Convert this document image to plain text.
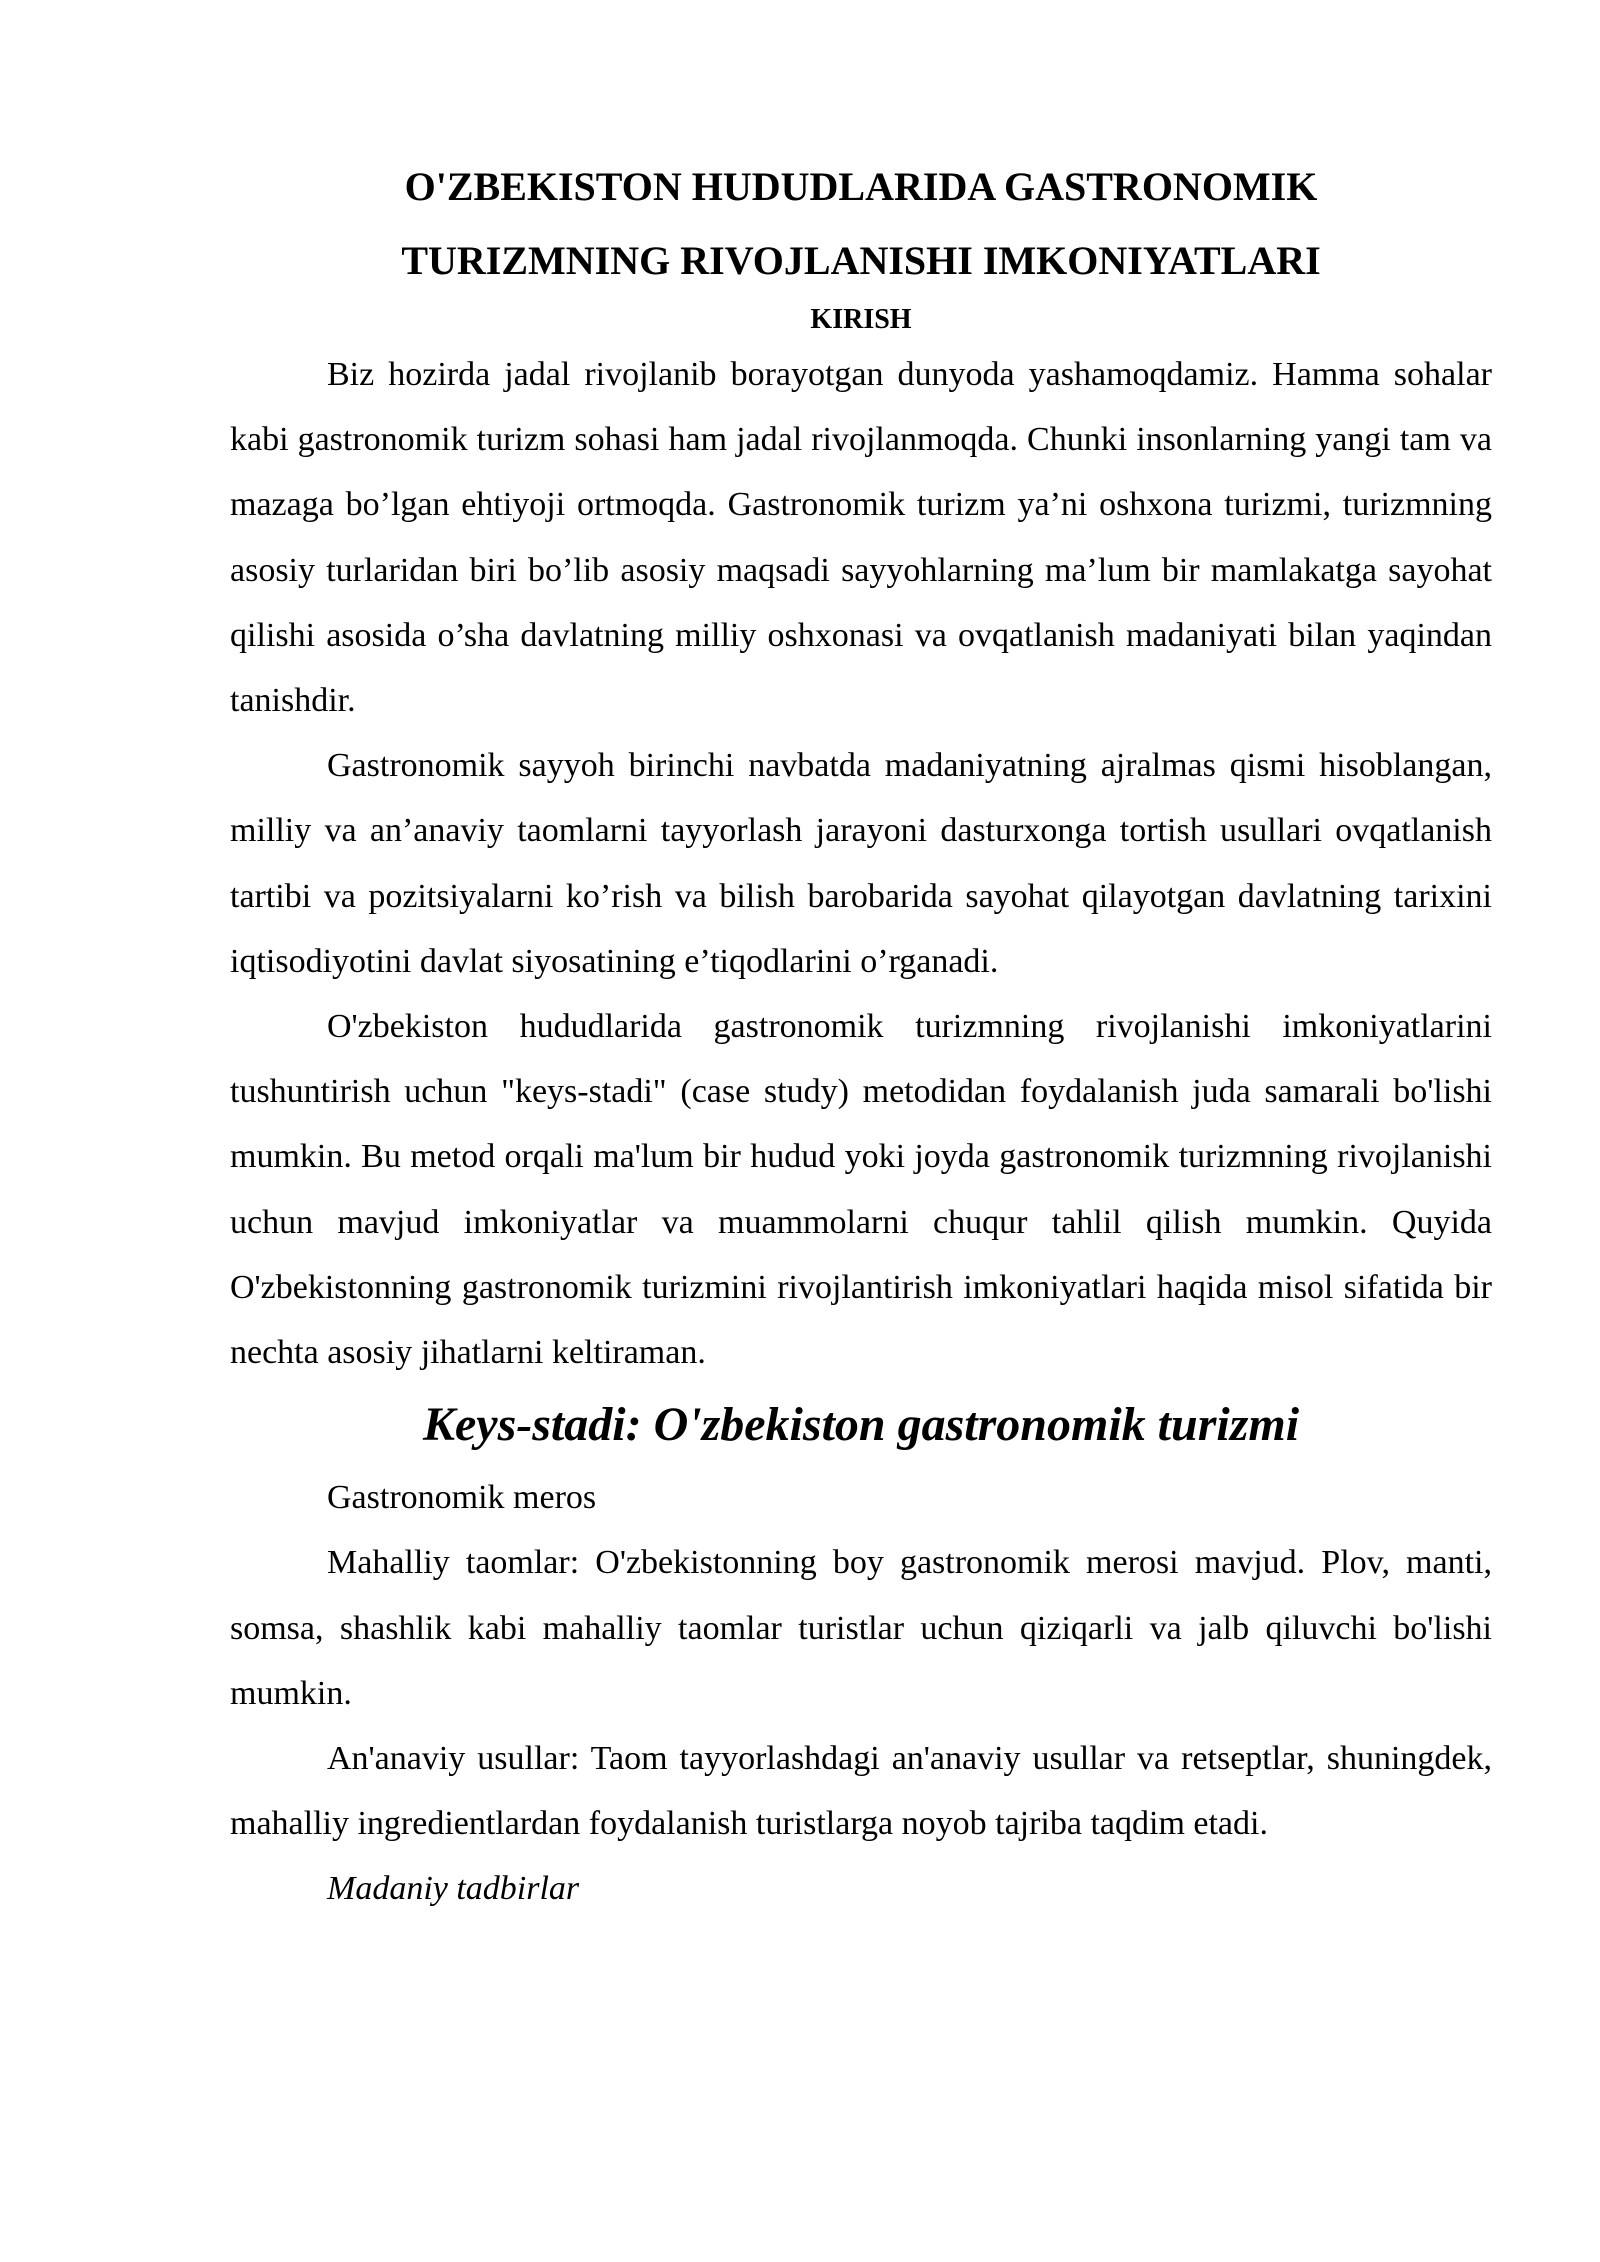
O'ZBEKISTON HUDUDLARIDA GASTRONOMIK
TURIZMNING RIVOJLANISHI IMKONIYATLARI
KIRISH

Biz hozirda jadal rivojlanib borayotgan dunyoda yashamoqdamiz. Hamma sohalar kabi gastronomik turizm sohasi ham jadal rivojlanmoqda. Chunki insonlarning yangi tam va mazaga bo’lgan ehtiyoji ortmoqda. Gastronomik turizm ya’ni oshxona turizmi, turizmning asosiy turlaridan biri bo’lib asosiy maqsadi sayyohlarning ma’lum bir mamlakatga sayohat qilishi asosida o’sha davlatning milliy oshxonasi va ovqatlanish madaniyati bilan yaqindan tanishdir.

Gastronomik sayyoh birinchi navbatda madaniyatning ajralmas qismi hisoblangan, milliy va an’anaviy taomlarni tayyorlash jarayoni dasturxonga tortish usullari ovqatlanish tartibi va pozitsiyalarni ko’rish va bilish barobarida sayohat qilayotgan davlatning tarixini iqtisodiyotini davlat siyosatining e’tiqodlarini o’rganadi.

O'zbekiston hududlarida gastronomik turizmning rivojlanishi imkoniyatlarini tushuntirish uchun "keys-stadi" (case study) metodidan foydalanish juda samarali bo'lishi mumkin. Bu metod orqali ma'lum bir hudud yoki joyda gastronomik turizmning rivojlanishi uchun mavjud imkoniyatlar va muammolarni chuqur tahlil qilish mumkin. Quyida O'zbekistonning gastronomik turizmini rivojlantirish imkoniyatlari haqida misol sifatida bir nechta asosiy jihatlarni keltiraman.

Keys-stadi: O'zbekiston gastronomik turizmi

Gastronomik meros

Mahalliy taomlar: O'zbekistonning boy gastronomik merosi mavjud. Plov, manti, somsa, shashlik kabi mahalliy taomlar turistlar uchun qiziqarli va jalb qiluvchi bo'lishi mumkin.

An'anaviy usullar: Taom tayyorlashdagi an'anaviy usullar va retseptlar, shuningdek, mahalliy ingredientlardan foydalanish turistlarga noyob tajriba taqdim etadi.

Madaniy tadbirlar
